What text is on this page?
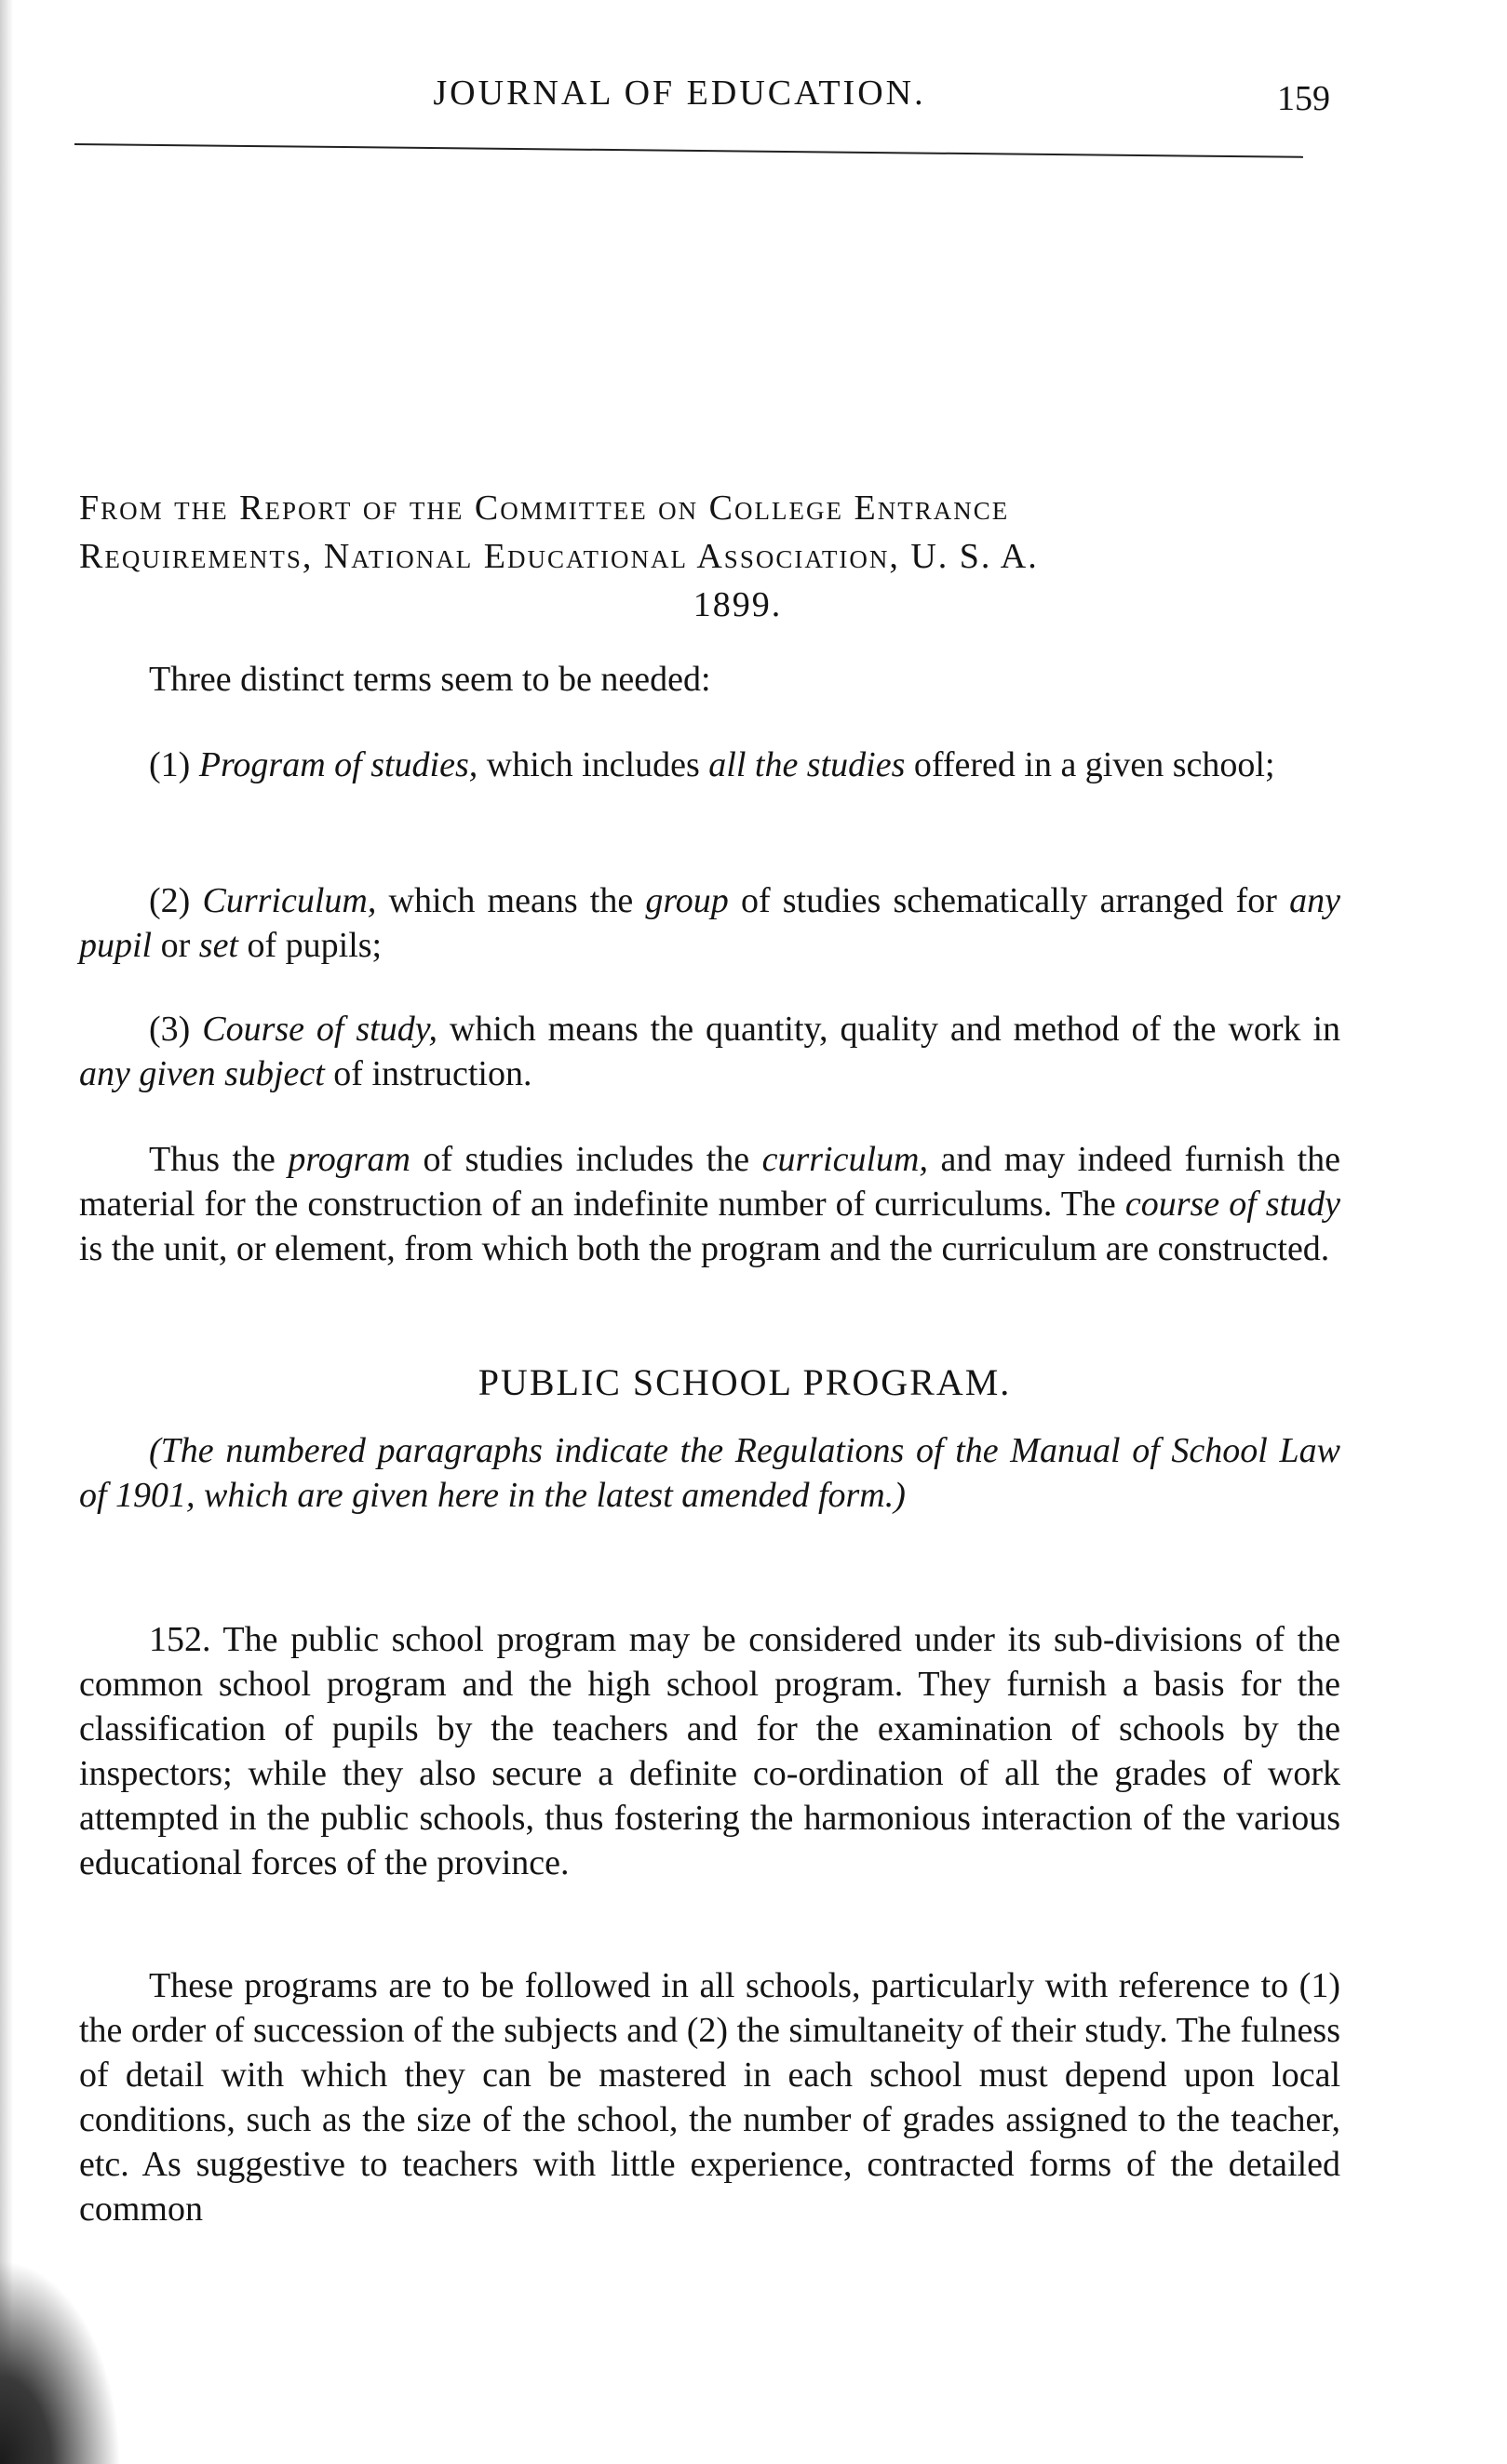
JOURNAL OF EDUCATION.	159
From the Report of the Committee on College Entrance
Requirements, National Educational Association, U. S. A.
1899.
Three distinct terms seem to be needed:
(1) Program of studies, which includes all the studies offered in a given school;
(2) Curriculum, which means the group of studies schematically arranged for any pupil or set of pupils;
(3) Course of study, which means the quantity, quality and method of the work in any given subject of instruction.
Thus the program of studies includes the curriculum, and may indeed furnish the material for the construction of an indefinite number of curriculums. The course of study is the unit, or element, from which both the program and the curriculum are constructed.
PUBLIC SCHOOL PROGRAM.
(The numbered paragraphs indicate the Regulations of the Manual of School Law of 1901, which are given here in the latest amended form.)
152. The public school program may be considered under its sub-divisions of the common school program and the high school program. They furnish a basis for the classification of pupils by the teachers and for the examination of schools by the inspectors; while they also secure a definite co-ordination of all the grades of work attempted in the public schools, thus fostering the harmonious interaction of the various educational forces of the province.
These programs are to be followed in all schools, particularly with reference to (1) the order of succession of the subjects and (2) the simultaneity of their study. The fulness of detail with which they can be mastered in each school must depend upon local conditions, such as the size of the school, the number of grades assigned to the teacher, etc. As suggestive to teachers with little experience, contracted forms of the detailed common
